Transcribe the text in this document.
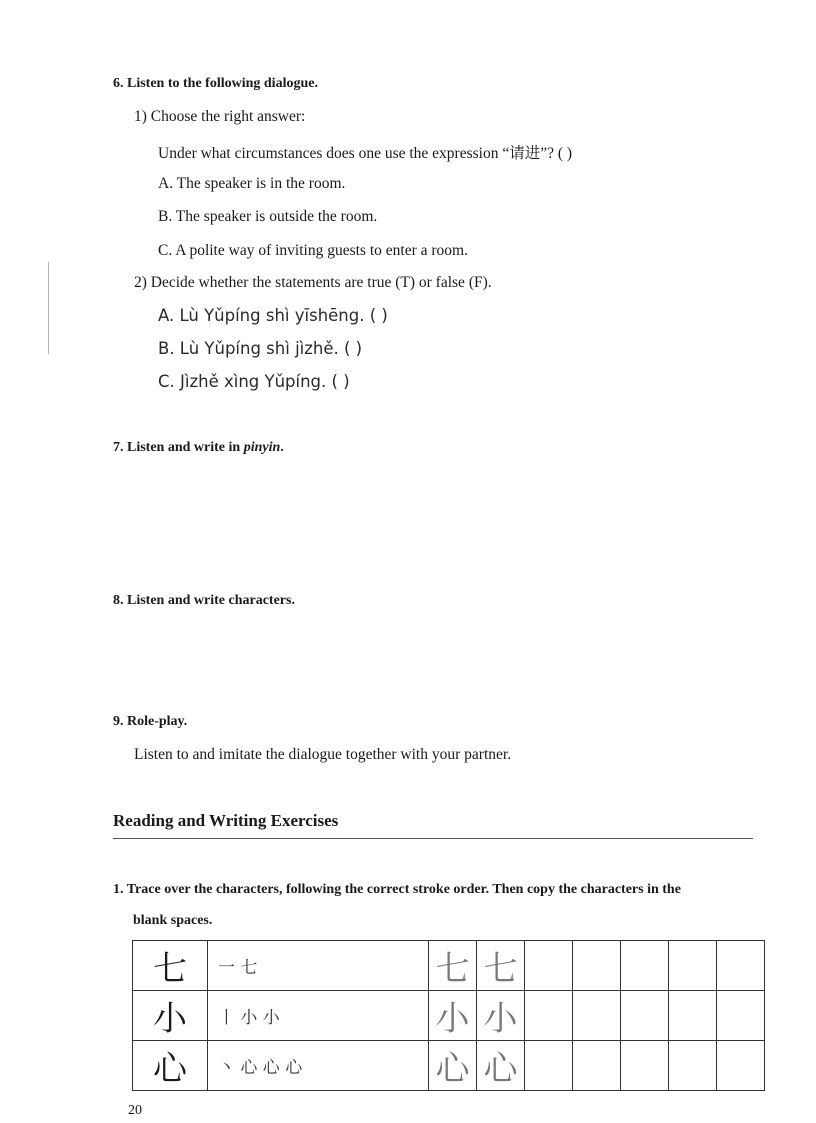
6. Listen to the following dialogue.
1) Choose the right answer:
Under what circumstances does one use the expression “请进”? ( )
A. The speaker is in the room.
B. The speaker is outside the room.
C. A polite way of inviting guests to enter a room.
2) Decide whether the statements are true (T) or false (F).
A. Lù Yǔpíng shì yīshēng. ( )
B. Lù Yǔpíng shì jìzhě. ( )
C. Jìzhě xìng Yǔpíng. ( )
7. Listen and write in pinyin.
8. Listen and write characters.
9. Role-play.
Listen to and imitate the dialogue together with your partner.
Reading and Writing Exercises
1. Trace over the characters, following the correct stroke order. Then copy the characters in the
blank spaces.
七	一 七	七	七					
小	丨 小 小	小	小					
心	丶 心 心 心	心	心					
20
